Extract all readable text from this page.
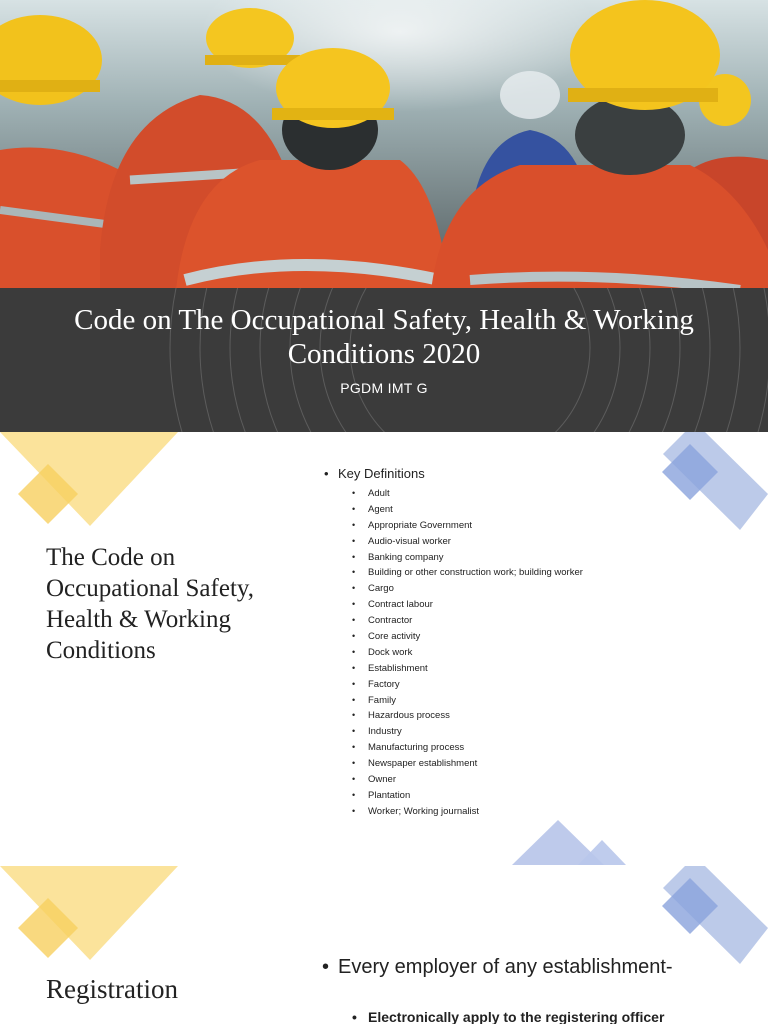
Code on The Occupational Safety, Health & Working Conditions 2020
PGDM IMT G
The Code on Occupational Safety, Health & Working Conditions
• Key Definitions
• Adult
• Agent
• Appropriate Government
• Audio-visual worker
• Banking company
• Building or other construction work; building worker
• Cargo
• Contract labour
• Contractor
• Core activity
• Dock work
• Establishment
• Factory
• Family
• Hazardous process
• Industry
• Manufacturing process
• Newspaper establishment
• Owner
• Plantation
• Worker; Working journalist
Registration
• Every employer of any establishment-
• Electronically apply to the registering officer
